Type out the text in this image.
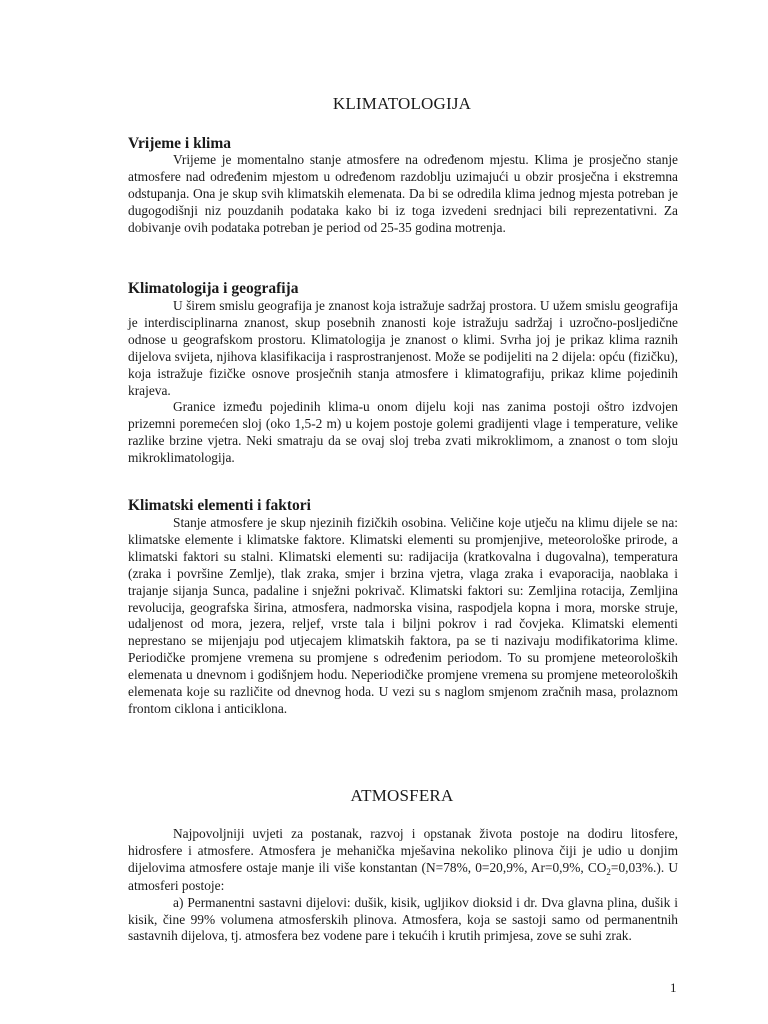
KLIMATOLOGIJA
Vrijeme i klima

Vrijeme je momentalno stanje atmosfere na određenom mjestu. Klima je prosječno stanje atmosfere nad određenim mjestom u određenom razdoblju uzimajući u obzir prosječna i ekstremna odstupanja. Ona je skup svih klimatskih elemenata. Da bi se odredila klima jednog mjesta potreban je dugogodišnji niz pouzdanih podataka kako bi iz toga izvedeni srednjaci bili reprezentativni. Za dobivanje ovih podataka potreban je period od 25-35 godina motrenja.

Klimatologija i geografija

U širem smislu geografija je znanost koja istražuje sadržaj prostora. U užem smislu geografija je interdisciplinarna znanost, skup posebnih znanosti koje istražuju sadržaj i uzročno-posljedične odnose u geografskom prostoru. Klimatologija je znanost o klimi. Svrha joj je prikaz klima raznih dijelova svijeta, njihova klasifikacija i rasprostranjenost. Može se podijeliti na 2 dijela: opću (fizičku), koja istražuje fizičke osnove prosječnih stanja atmosfere i klimatografiju, prikaz klime pojedinih krajeva.

Granice između pojedinih klima-u onom dijelu koji nas zanima postoji oštro izdvojen prizemni poremećen sloj (oko 1,5-2 m) u kojem postoje golemi gradijenti vlage i temperature, velike razlike brzine vjetra. Neki smatraju da se ovaj sloj treba zvati mikroklimom, a znanost o tom sloju mikroklimatologija.

Klimatski elementi i faktori

Stanje atmosfere je skup njezinih fizičkih osobina. Veličine koje utječu na klimu dijele se na: klimatske elemente i klimatske faktore. Klimatski elementi su promjenjive, meteorološke prirode, a klimatski faktori su stalni. Klimatski elementi su: radijacija (kratkovalna i dugovalna), temperatura (zraka i površine Zemlje), tlak zraka, smjer i brzina vjetra, vlaga zraka i evaporacija, naoblaka i trajanje sijanja Sunca, padaline i snježni pokrivač. Klimatski faktori su: Zemljina rotacija, Zemljina revolucija, geografska širina, atmosfera, nadmorska visina, raspodjela kopna i mora, morske struje, udaljenost od mora, jezera, reljef, vrste tala i biljni pokrov i rad čovjeka. Klimatski elementi neprestano se mijenjaju pod utjecajem klimatskih faktora, pa se ti nazivaju modifikatorima klime. Periodičke promjene vremena su promjene s određenim periodom. To su promjene meteoroloških elemenata u dnevnom i godišnjem hodu. Neperiodičke promjene vremena su promjene meteoroloških elemenata koje su različite od dnevnog hoda. U vezi su s naglom smjenom zračnih masa, prolaznom frontom ciklona i anticiklona.

ATMOSFERA

Najpovoljniji uvjeti za postanak, razvoj i opstanak života postoje na dodiru litosfere, hidrosfere i atmosfere. Atmosfera je mehanička mješavina nekoliko plinova čiji je udio u donjim dijelovima atmosfere ostaje manje ili više konstantan (N=78%, 0=20,9%, Ar=0,9%, $CO_2=0,03\%$.). U atmosferi postoje:

a) Permanentni sastavni dijelovi: dušik, kisik, ugljikov dioksid i dr. Dva glavna plina, dušik i kisik, čine 99% volumena atmosferskih plinova. Atmosfera, koja se sastoji samo od permanentnih sastavnih dijelova, tj. atmosfera bez vodene pare i tekućih i krutih primjesa, zove se suhi zrak.

1
